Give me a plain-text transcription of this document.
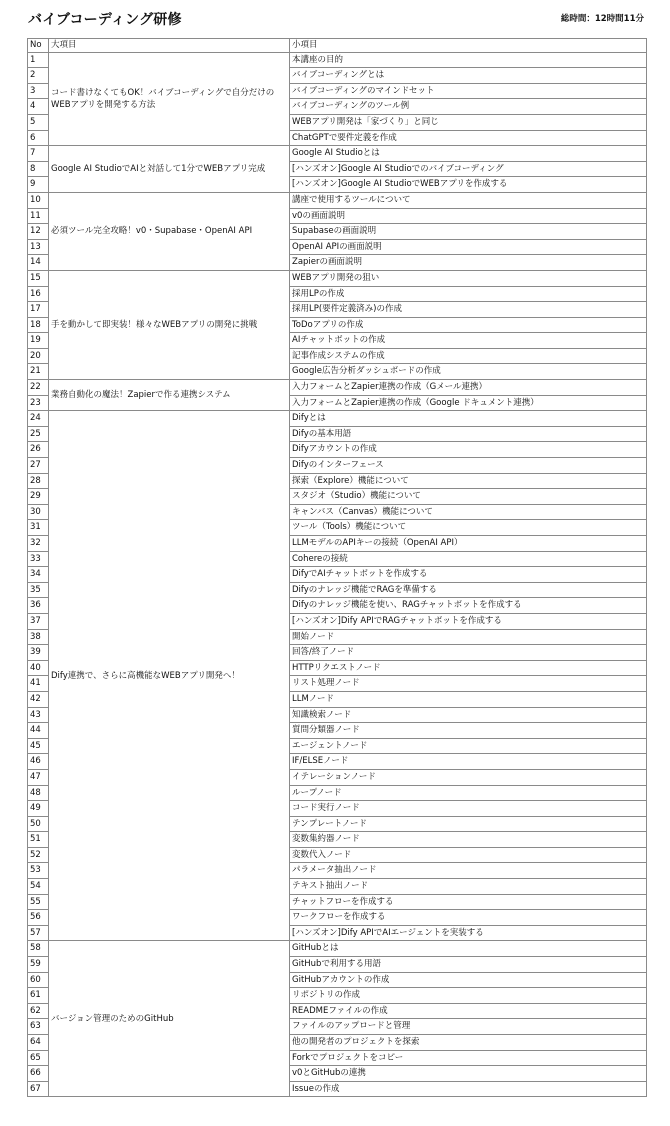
バイブコーディング研修	総時間：12時間11分
No	大項目	小項目
1	コード書けなくてもOK！バイブコーディングで自分だけのWEBアプリを開発する方法	本講座の目的
2		バイブコーディングとは
3		バイブコーディングのマインドセット
4		バイブコーディングのツール例
5		WEBアプリ開発は「家づくり」と同じ
6		ChatGPTで要件定義を作成
7	Google AI StudioでAIと対話して1分でWEBアプリ完成	Google AI Studioとは
8		[ハンズオン]Google AI Studioでのバイブコーディング
9		[ハンズオン]Google AI StudioでWEBアプリを作成する
10	必須ツール完全攻略！v0・Supabase・OpenAI API	講座で使用するツールについて
11		v0の画面説明
12		Supabaseの画面説明
13		OpenAI APIの画面説明
14		Zapierの画面説明
15	手を動かして即実装！様々なWEBアプリの開発に挑戦	WEBアプリ開発の狙い
16		採用LPの作成
17		採用LP(要件定義済み)の作成
18		ToDoアプリの作成
19		AIチャットボットの作成
20		記事作成システムの作成
21		Google広告分析ダッシュボードの作成
22	業務自動化の魔法！Zapierで作る連携システム	入力フォームとZapier連携の作成（Gメール連携）
23		入力フォームとZapier連携の作成（Google ドキュメント連携）
24	Dify連携で、さらに高機能なWEBアプリ開発へ！	Difyとは
25		Difyの基本用語
26		Difyアカウントの作成
27		Difyのインターフェース
28		探索（Explore）機能について
29		スタジオ（Studio）機能について
30		キャンバス（Canvas）機能について
31		ツール（Tools）機能について
32		LLMモデルのAPIキーの接続（OpenAI API）
33		Cohereの接続
34		DifyでAIチャットボットを作成する
35		Difyのナレッジ機能でRAGを準備する
36		Difyのナレッジ機能を使い、RAGチャットボットを作成する
37		[ハンズオン]Dify APIでRAGチャットボットを作成する
38		開始ノード
39		回答/終了ノード
40		HTTPリクエストノード
41		リスト処理ノード
42		LLMノード
43		知識検索ノード
44		質問分類器ノード
45		エージェントノード
46		IF/ELSEノード
47		イテレーションノード
48		ループノード
49		コード実行ノード
50		テンプレートノード
51		変数集約器ノード
52		変数代入ノード
53		パラメータ抽出ノード
54		テキスト抽出ノード
55		チャットフローを作成する
56		ワークフローを作成する
57		[ハンズオン]Dify APIでAIエージェントを実装する
58	バージョン管理のためのGitHub	GitHubとは
59		GitHubで利用する用語
60		GitHubアカウントの作成
61		リポジトリの作成
62		READMEファイルの作成
63		ファイルのアップロードと管理
64		他の開発者のプロジェクトを探索
65		Forkでプロジェクトをコピー
66		v0とGitHubの連携
67		Issueの作成
